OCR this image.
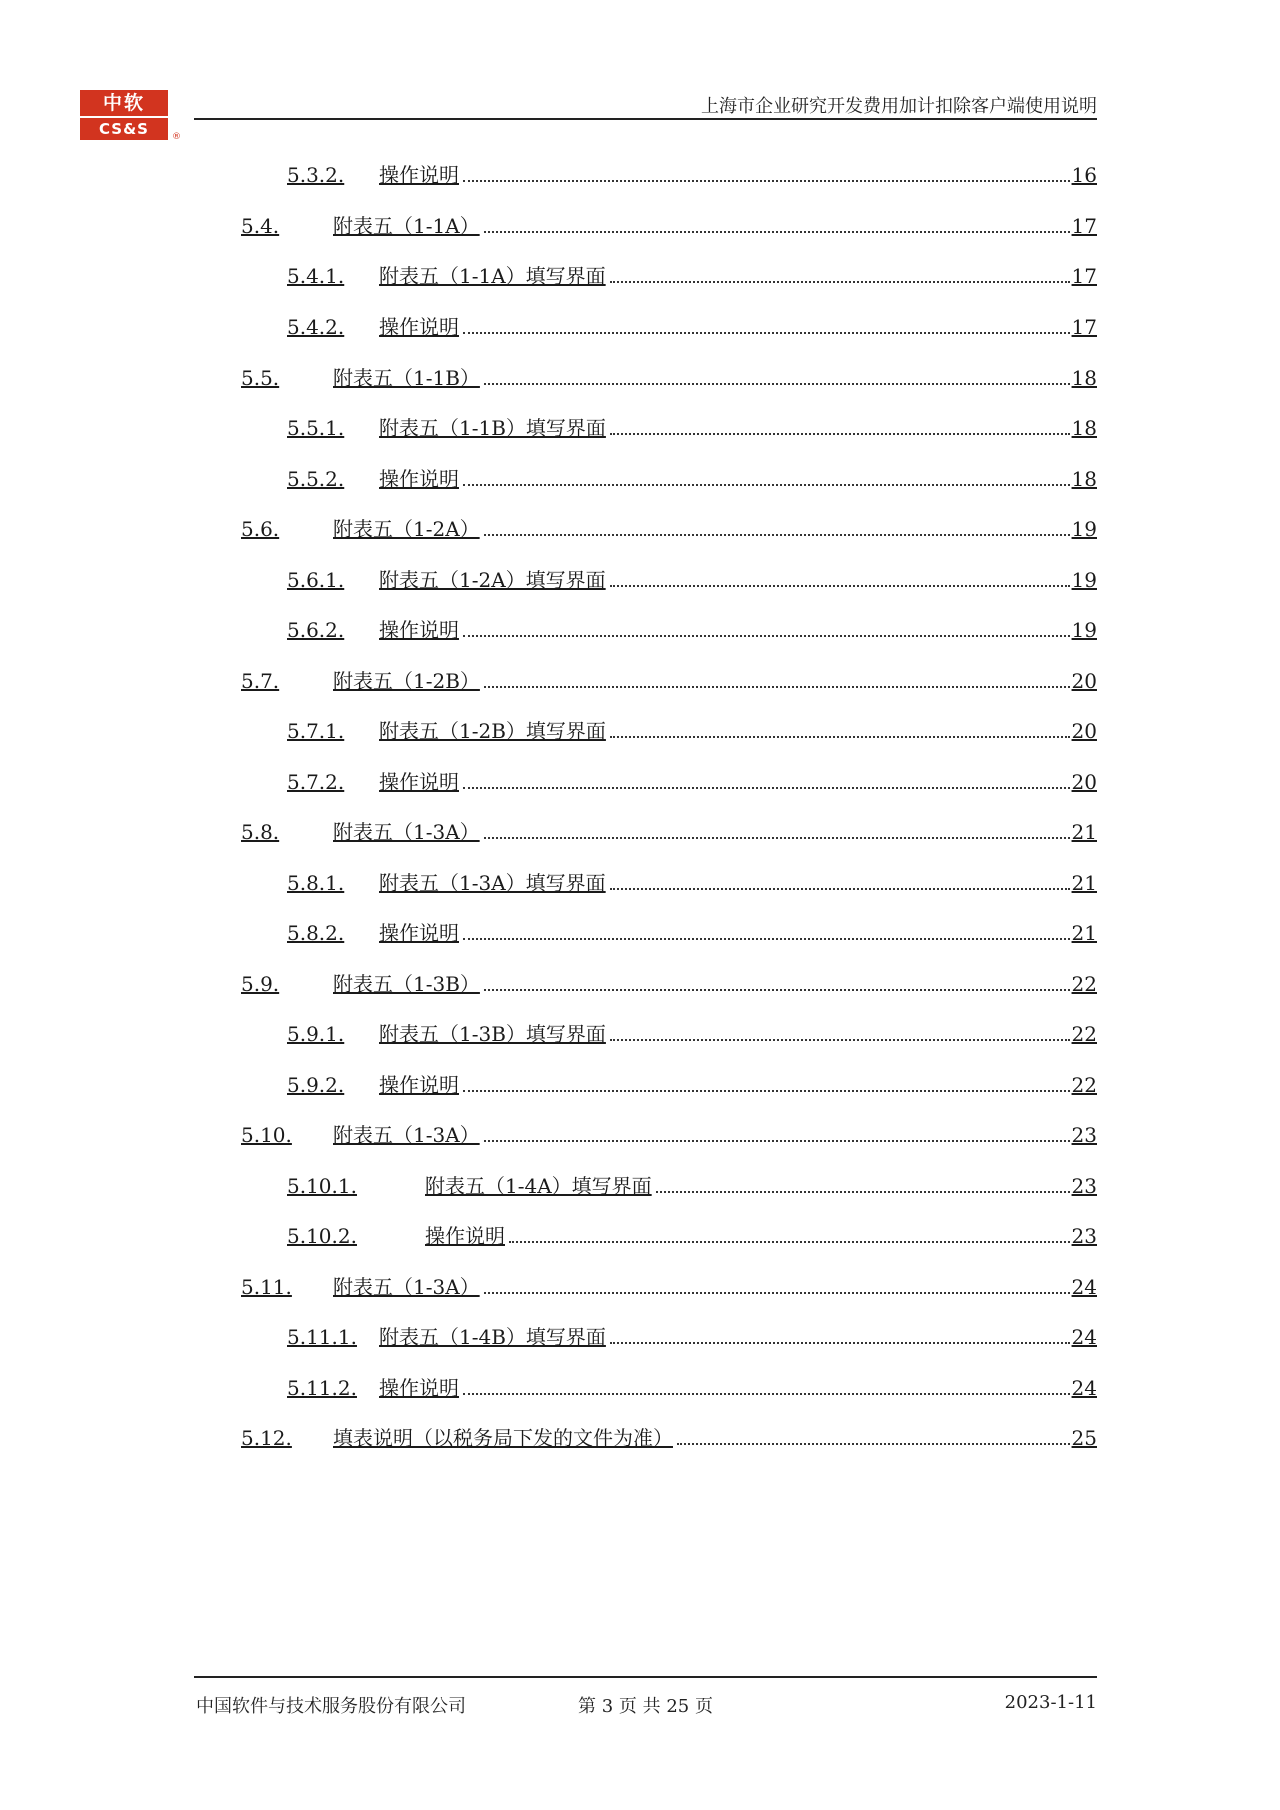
中软
CS&S	®
上海市企业研究开发费用加计扣除客户端使用说明
5.3.2.	操作说明	16
5.4.	附表五（1-1A）	17
5.4.1.	附表五（1-1A）填写界面	17
5.4.2.	操作说明	17
5.5.	附表五（1-1B）	18
5.5.1.	附表五（1-1B）填写界面	18
5.5.2.	操作说明	18
5.6.	附表五（1-2A）	19
5.6.1.	附表五（1-2A）填写界面	19
5.6.2.	操作说明	19
5.7.	附表五（1-2B）	20
5.7.1.	附表五（1-2B）填写界面	20
5.7.2.	操作说明	20
5.8.	附表五（1-3A）	21
5.8.1.	附表五（1-3A）填写界面	21
5.8.2.	操作说明	21
5.9.	附表五（1-3B）	22
5.9.1.	附表五（1-3B）填写界面	22
5.9.2.	操作说明	22
5.10.	附表五（1-3A）	23
5.10.1.	附表五（1-4A）填写界面	23
5.10.2.	操作说明	23
5.11.	附表五（1-3A）	24
5.11.1.	附表五（1-4B）填写界面	24
5.11.2.	操作说明	24
5.12.	填表说明（以税务局下发的文件为准）	25
中国软件与技术服务股份有限公司	第 3 页 共 25 页	2023-1-11
